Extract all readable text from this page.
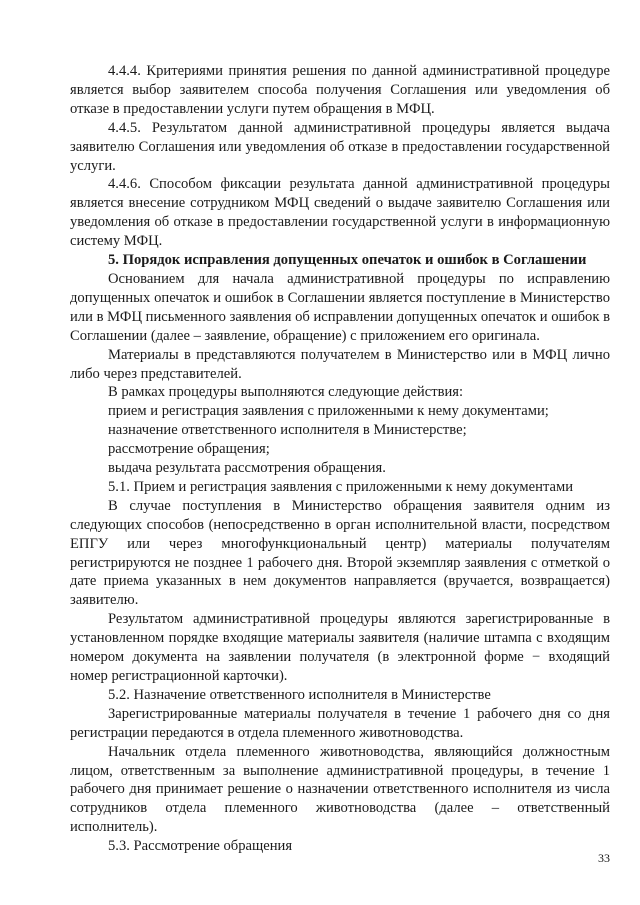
4.4.4. Критериями принятия решения по данной административной процедуре является выбор заявителем способа получения Соглашения или уведомления об отказе в предоставлении услуги путем обращения в МФЦ.

4.4.5. Результатом данной административной процедуры является выдача заявителю Соглашения или уведомления об отказе в предоставлении государственной услуги.

4.4.6. Способом фиксации результата данной административной процедуры является внесение сотрудником МФЦ сведений о выдаче заявителю Соглашения или уведомления об отказе в предоставлении государственной услуги в информационную систему МФЦ.

5. Порядок исправления допущенных опечаток и ошибок в Соглашении

Основанием для начала административной процедуры по исправлению допущенных опечаток и ошибок в Соглашении является поступление в Министерство или в МФЦ письменного заявления об исправлении допущенных опечаток и ошибок в Соглашении (далее – заявление, обращение) с приложением его оригинала.

Материалы в представляются получателем в Министерство или в МФЦ лично либо через представителей.

В рамках процедуры выполняются следующие действия:

прием и регистрация заявления с приложенными к нему документами;

назначение ответственного исполнителя в Министерстве;

рассмотрение обращения;

выдача результата рассмотрения обращения.

5.1. Прием и регистрация заявления с приложенными к нему документами

В случае поступления в Министерство обращения заявителя одним из следующих способов (непосредственно в орган исполнительной власти, посредством ЕПГУ или через многофункциональный центр) материалы получателям регистрируются не позднее 1 рабочего дня. Второй экземпляр заявления с отметкой о дате приема указанных в нем документов направляется (вручается, возвращается) заявителю.

Результатом административной процедуры являются зарегистрированные в установленном порядке входящие материалы заявителя (наличие штампа с входящим номером документа на заявлении получателя (в электронной форме − входящий номер регистрационной карточки).

5.2. Назначение ответственного исполнителя в Министерстве

Зарегистрированные материалы получателя в течение 1 рабочего дня со дня регистрации передаются в отдела племенного животноводства.

Начальник отдела племенного животноводства, являющийся должностным лицом, ответственным за выполнение административной процедуры, в течение 1 рабочего дня принимает решение о назначении ответственного исполнителя из числа сотрудников отдела племенного животноводства (далее – ответственный исполнитель).

5.3. Рассмотрение обращения

33
